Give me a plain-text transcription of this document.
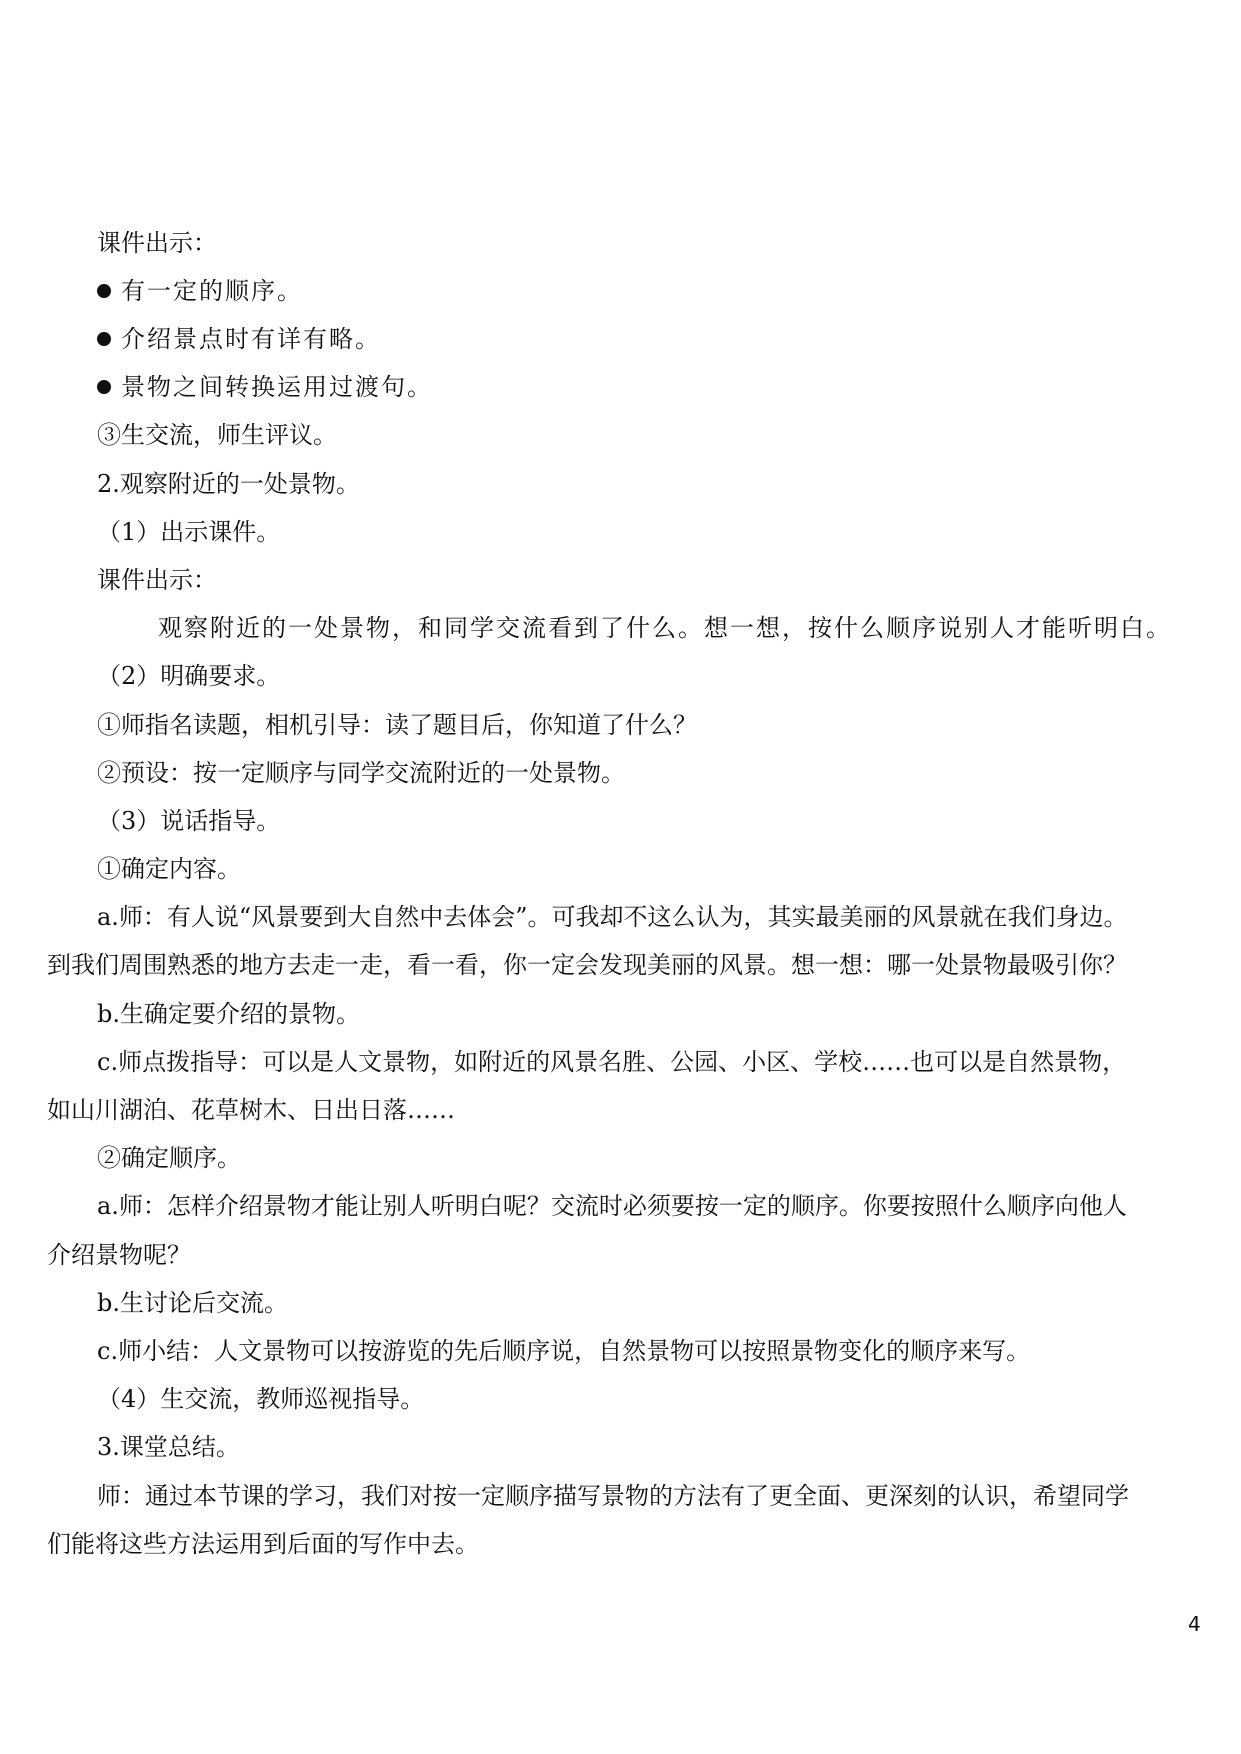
课件出示：
有一定的顺序。
介绍景点时有详有略。
景物之间转换运用过渡句。
③生交流，师生评议。
2.观察附近的一处景物。
（1）出示课件。
课件出示：
观察附近的一处景物，和同学交流看到了什么。想一想，按什么顺序说别人才能听明白。
（2）明确要求。
①师指名读题，相机引导：读了题目后，你知道了什么？
②预设：按一定顺序与同学交流附近的一处景物。
（3）说话指导。
①确定内容。
a.师：有人说“风景要到大自然中去体会”。可我却不这么认为，其实最美丽的风景就在我们身边。
到我们周围熟悉的地方去走一走，看一看，你一定会发现美丽的风景。想一想：哪一处景物最吸引你？
b.生确定要介绍的景物。
c.师点拨指导：可以是人文景物，如附近的风景名胜、公园、小区、学校……也可以是自然景物，
如山川湖泊、花草树木、日出日落……
②确定顺序。
a.师：怎样介绍景物才能让别人听明白呢？交流时必须要按一定的顺序。你要按照什么顺序向他人
介绍景物呢？
b.生讨论后交流。
c.师小结：人文景物可以按游览的先后顺序说，自然景物可以按照景物变化的顺序来写。
（4）生交流，教师巡视指导。
3.课堂总结。
师：通过本节课的学习，我们对按一定顺序描写景物的方法有了更全面、更深刻的认识，希望同学
们能将这些方法运用到后面的写作中去。
4
